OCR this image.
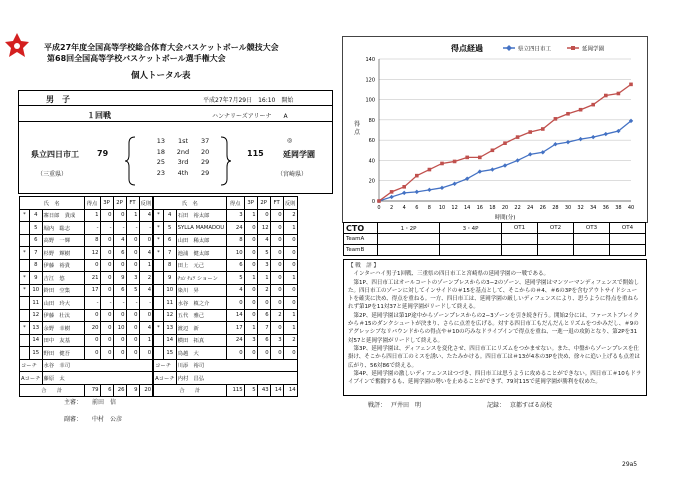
平成27年度全国高等学校総合体育大会バスケットボール競技大会
第68回全国高等学校バスケットボール選手権大会
個人トータル表
男　子	平成27年7月29日　16:10　開始
１回戦	ハンナリーズアリーナ　　A
県立四日市工 79
（三重県）
115
◎
延岡学園
（宮崎県）
13	1st	37
18	2nd	20
25	3rd	29
23	4th	29
氏　名			得点	3P	2P	FT	反則	氏　名			得点	3P	2P	FT	反則
*	4	寨日郎　貴成	1	0	0	1	4	*	4	石田　裕太郎	3	1	0	0	2
	5	堀内　聡志	-	-	-	-	-	*	5	SYLLA MAMADOU	24	0	12	0	1
	6	高野　一輝	8	0	4	0	0	*	6	山田　稀太郎	8	0	4	0	0
*	7	杉野　輝樹	12	0	6	0	4	*	7	池浦　健太郎	10	0	5	0	0
	8	伊藤　裕貴	0	0	0	0	1		8	田上　元己	6	0	3	0	0
*	9	吉江　悠	21	0	9	3	2		9	ﾁｮﾝ ﾁｪﾂ ショーン	5	1	1	0	1
*	10	鈴田　空集	17	0	6	5	4		10	染川　昇	4	0	2	0	0
	11	山田　玲大	-	-	-	-	-		11	水谷　槙之介	0	0	0	0	0
	12	伊藤　壮汰	0	0	0	0	0		12	五代　雅己	14	0	6	2	1
*	13	余野　幸樹	20	0	10	0	4	*	13	渡辺　新	17	1	7	0	1
	14	田中　友基	0	0	0	0	1		14	横田　拓真	24	3	6	3	2
	15	野田　健吾	0	0	0	0	0		15	鳥越　大	0	0	0	0	0
コーチ		水谷　幸司						コーチ		川添　裕司					
Aコーチ		藤原　太						Aコーチ		内村　昌弘					
合　　計			79	6	26	9	20	合　　計			115	5	43	14	14
主審： 前田　信
副審： 中村　公彦
得点経過	県立四日市工	延岡学園
0
20
40
60
80
100
120
140
0 2 4 6 8 10 12 14 16 18 20 22 24 26 28 30 32 34 36 38 40
時間(分)
得
点
CTO	1・2P	3・4P	OT1	OT2	OT3	OT4
TeamA						
TeamB						

【 戦　評 】

　インターハイ男子1回戦、三重県の四日市工と宮崎県の延岡学園の一戦である。

　第1P、四日市工はオールコートのゾーンプレスからの3−2のゾーン、延岡学園はマンツーマンディフェンスで開始した。四日市工のゾーンに対してインサイドの＃15を基点として、そこからの＃4、＃6の3Pを含むアウトサイドシュートを確実に決め、得点を重ねる。一方、四日市工は、延岡学園の厳しいディフェンスにより、思うように得点を重ねられず第1Pを11対37と延岡学園がリードして終える。

　第2P、延岡学園は第1P途中からゾーンプレスからの2−3ゾーンを引き続き行う。開始2分には、ファーストブレイクから＃15のダンクシュートが決まり、さらに点差を広げる。対する四日市工もだんだんとリズムをつかみだし、＃9のアグレッシブなリバウンドからの得点や＃10の巧みなドライブインで得点を重ね、一進一退の攻防となり、第2Pを31対57と延岡学園がリードして終える。

　第3P、延岡学園は、ディフェンスを変化させ、四日市工にリズムをつかませない。また、中盤からゾーンプレスを仕掛け、そこから四日市工のミスを誘い、たたみかける。四日市工は＃13が4本の3Pを決め、徐々に追い上げるも点差は広がり、56対86で終える。

　第4P、延岡学園の激しいディフェンスはつづき、四日市工は思うように攻めることができない。四日市工＃10もドライブインで奮闘するも、延岡学園の勢いを止めることができず、79対115で延岡学園が勝利を収めた。

戦評： 戸井田　明	記録： 京都すばる高校
29a5
